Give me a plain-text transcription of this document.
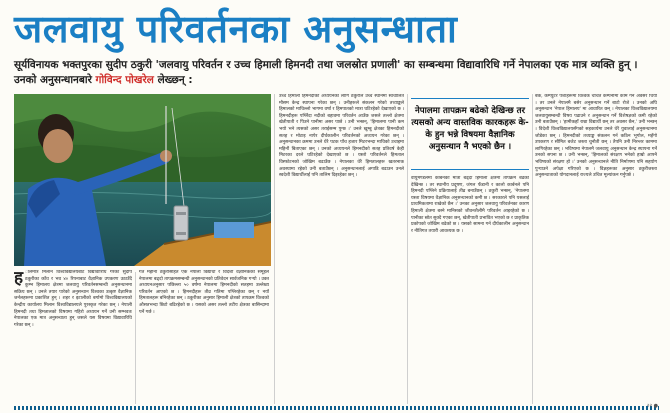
जलवायु परिवर्तनका अनुसन्धाता
सूर्यविनायक भक्तपुरका सुदीप ठकुरी 'जलवायु परिवर्तन र उच्च हिमाली हिमनदी तथा जलस्रोत प्रणाली' का सम्बन्धमा विद्यावारिधि गर्ने नेपालका एक मात्र व्यक्ति हुन् । उनको अनुसन्धानबारे गोविन्द पोखरेल लेख्छन् :

ह ालैमात्र मिलान विश्वविद्यालयबाट विद्यावारिधि गरेका सुदीप ठकुरीका काँध र भव ४० रिपनाबाट वैज्ञानिक उपकरण उठाउँदै कुम्भ हिमालय क्षेत्रमा जलवायु परिवर्तनसम्बन्धी अनुसन्धानमा सक्रिय छन् । उनले तयार पारेको अनुसन्धान विश्वका उत्कृष्ट वैज्ञानिक जर्नलहरूमा प्रकाशित हुन् । शहर र इटालीको बर्गामो विश्वविद्यालयको केन्द्रीय कार्यालय मिलान विश्वविद्यालयले पुरस्कृत गरेका छन् । नेपाली हिमनदी तथा हिमतालको विषयमा गहिरो अध्ययन गर्ने उनी सम्भवतः नेपालका एक मात्र अनुसन्धाता हुन् जसले यस विषयमा विद्यावारिधि गरेका छन् ।

गत महीना ठकुरीसहित एक नेपाली विद्यार्थी र विदेशी वैज्ञानिकको समूहले नेपालमा बढ्दो तापक्रमसम्बन्धी अनुसन्धानको प्रतिवेदन सार्वजनिक गर्‍यो । उक्त अध्ययनअनुसार पछिल्ला ५० वर्षमा नेपालमा हिमनदीको सतहमा उल्लेख्य परिवर्तन आएको छ । हिमनदीहरू तीव्र गतिमा पग्लिरहेका छन् र नयाँ हिमतालहरू बनिरहेका छन् । ठकुरीका अनुसार हिमाली क्षेत्रको तापक्रम विश्वको औसतभन्दा छिटो बढिरहेको छ । यसको असर तल्लो तटीय क्षेत्रका बासिन्दामा पर्ने गर्छ ।

उच्च हिमाली हिमनदीको अध्ययनका लागि ठकुरीले उच्च स्थानमा स्वचालित मौसम केन्द्र स्थापना गरेका छन् । उनीहरूले संकलन गरेको तथ्याङ्कले हिमालको माथिल्लो भागमा वर्षा र हिमपातको मात्रा घटिरहेको देखाएको छ । हिमनदीहरू पग्लिँदा नदीको बहावमा परिवर्तन आउँछ जसले तल्लो क्षेत्रमा खेतीपाती र पिउने पानीमा असर पार्छ । उनी भन्छन्, 'हिमालमा पानी कम भयो भने त्यसको असर तराईसम्म पुग्छ ।' उनले खुम्बु क्षेत्रका हिमनदीको सतह र मोटाइ नापेर दीर्घकालीन परिवर्तनको अध्ययन गरेका छन् । अनुसन्धानका क्रममा उनले धेरै पटक पाँच हजार मिटरभन्दा माथिको उचाइमा महिनौं बिताएका छन् । उनको अध्ययनले हिमनदीको सतह प्रतिवर्ष केही मिटरका दरले घटिरहेको देखाएको छ । यस्तो परिवर्तनले हिमताल विस्फोटनको जोखिम बढाउँछ । नेपालका धेरै हिमतालहरू खतरनाक अवस्थामा रहेको उनी बताउँछन् । अनुसन्धानलाई अगाडि बढाउन उनले स्वदेशी विद्यार्थीलाई पनि तालिम दिइरहेका छन् ।

नेपालमा तापक्रम बढेको देखिन्छ तर त्यसको अन्य वास्तविक कारकहरू के-के हुन भन्ने विषयमा वैज्ञानिक अनुसन्धान नै भएको छैन ।

वायुमण्डलमा कार्बनको मात्रा बढ्दा हिमाली क्षेत्रमा तापक्रम बढेको देखिन्छ । तर स्थानीय प्रदूषण, जंगल फँडानी र कालो कार्बनले पनि हिमनदी पग्लिने प्रक्रियालाई तीव्र बनाउँछन् । ठकुरी भन्छन्, 'नेपालमा यस्ता विषयमा वैज्ञानिक अनुसन्धानको कमी छ । सरकारले पनि यसलाई प्राथमिकतामा राखेको छैन ।' उनका अनुसार जलवायु परिवर्तनका कारण हिमाली क्षेत्रमा बस्ने मानिसको जीवनशैलीमै परिवर्तन आइरहेको छ । पानीका स्रोत सुक्दै गएका छन्, खेतीपाती प्रभावित भएको छ र प्राकृतिक प्रकोपको जोखिम बढेको छ । यसको सामना गर्न दीर्घकालीन अनुसन्धान र नीतिगत तयारी आवश्यक छ ।

बैंक, कम्प्युटर पेशाहरूमा विश्वकै चर्चित कम्पनीमा काम गर्ने अवसर थियो । तर उनले नेपालमै बसेर अनुसन्धान गर्ने बाटो रोजे । उनको अघि अनुसन्धान 'नेपाल हिमालय' मा आधारित छन् । नेपालका विश्वविद्यालयमा जलवायुसम्बन्धी विषय पढाउने र अनुसन्धान गर्ने विशेषज्ञको कमी रहेको उनी बताउँछन् । 'हामीकहाँ राम्रा विद्यार्थी छन् तर अवसर छैन,' उनी भन्छन् । विदेशी विश्वविद्यालयसँगको सहकार्यमा उनले धेरै युवालाई अनुसन्धानमा जोडेका छन् । हिमनदीको तथ्याङ्क संकलन गर्न कठिन भूगोल, महँगो उपकरण र सीमित बजेट जस्ता चुनौती छन् । तैपनि उनी निरन्तर काममा लागिरहेका छन् । भविष्यमा नेपालमै जलवायु अनुसन्धान केन्द्र स्थापना गर्ने उनको सपना छ । उनी भन्छन्, 'हिमालको संरक्षण भनेको हाम्रो आफ्नै भविष्यको संरक्षण हो ।' उनको अनुसन्धानले नीति निर्माणमा पनि सहयोग पुर्‍याउने अपेक्षा गरिएको छ । विज्ञहरूका अनुसार ठकुरीजस्ता अनुसन्धाताको योगदानलाई राज्यले उचित मूल्यांकन गर्नुपर्छ ।

२२ ●
